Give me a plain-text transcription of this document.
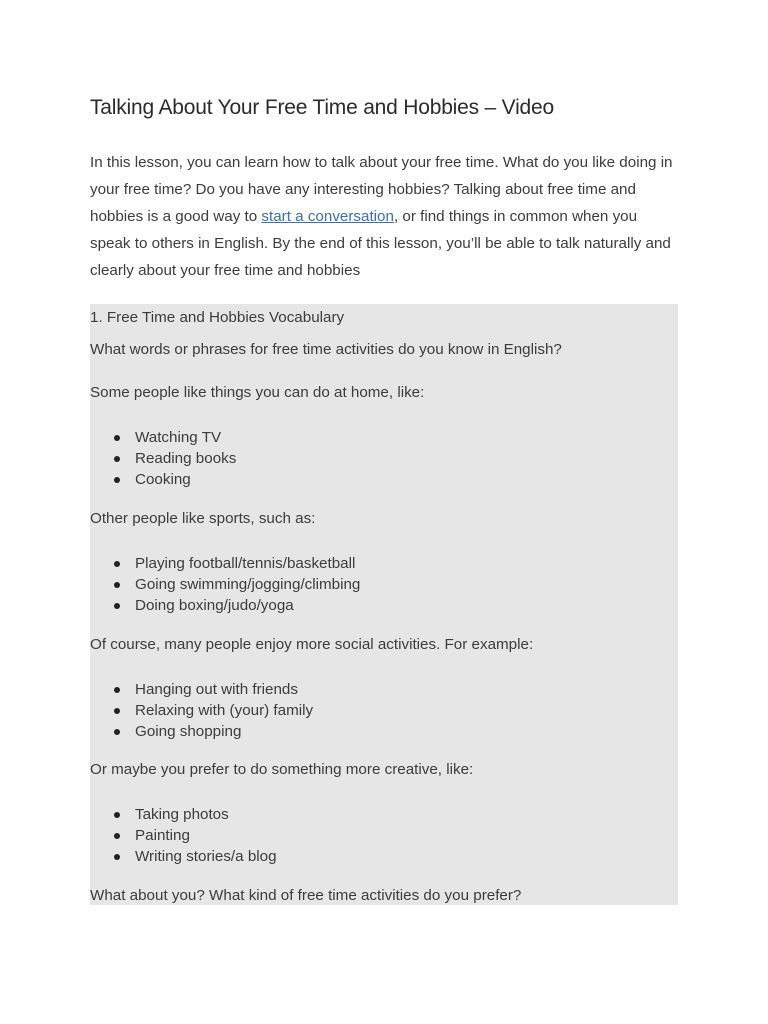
Talking About Your Free Time and Hobbies – Video

In this lesson, you can learn how to talk about your free time. What do you like doing in your free time? Do you have any interesting hobbies? Talking about free time and hobbies is a good way to start a conversation, or find things in common when you speak to others in English. By the end of this lesson, you’ll be able to talk naturally and clearly about your free time and hobbies

1. Free Time and Hobbies Vocabulary

What words or phrases for free time activities do you know in English?

Some people like things you can do at home, like:

Watching TV
Reading books
Cooking

Other people like sports, such as:

Playing football/tennis/basketball
Going swimming/jogging/climbing
Doing boxing/judo/yoga

Of course, many people enjoy more social activities. For example:

Hanging out with friends
Relaxing with (your) family
Going shopping

Or maybe you prefer to do something more creative, like:

Taking photos
Painting
Writing stories/a blog

What about you? What kind of free time activities do you prefer?
